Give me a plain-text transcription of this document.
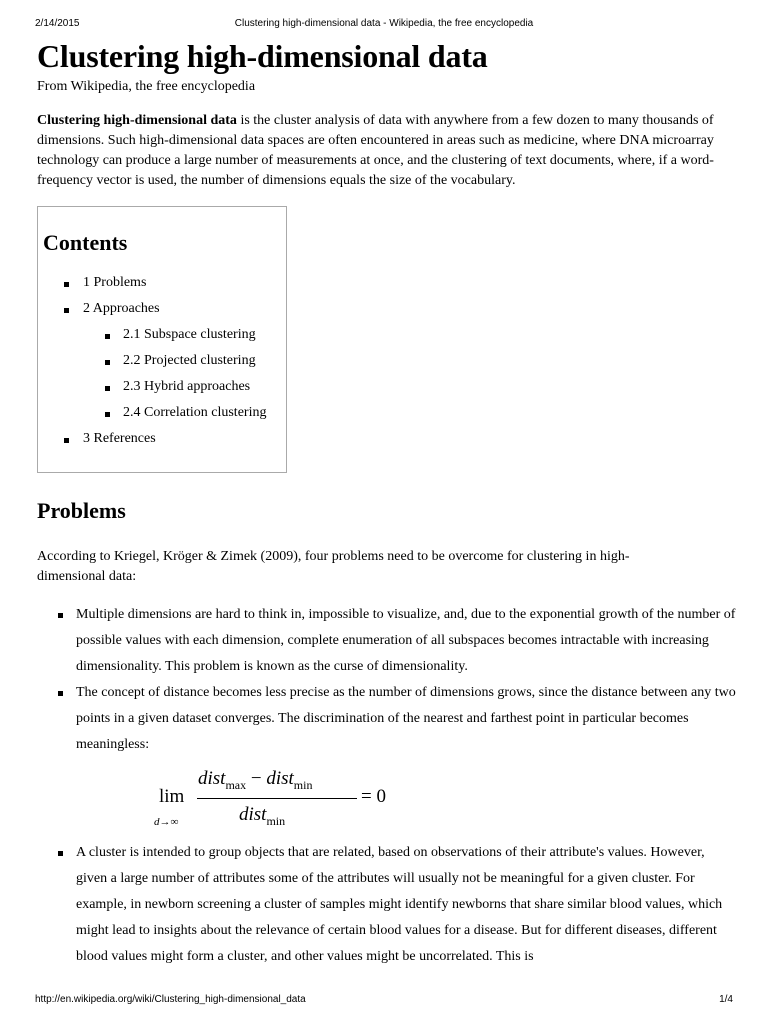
2/14/2015	Clustering high-dimensional data - Wikipedia, the free encyclopedia
Clustering high-dimensional data
From Wikipedia, the free encyclopedia

Clustering high-dimensional data is the cluster analysis of data with anywhere from a few dozen to many thousands of dimensions. Such high-dimensional data spaces are often encountered in areas such as medicine, where DNA microarray technology can produce a large number of measurements at once, and the clustering of text documents, where, if a word-frequency vector is used, the number of dimensions equals the size of the vocabulary.

Contents
1 Problems
2 Approaches
2.1 Subspace clustering
2.2 Projected clustering
2.3 Hybrid approaches
2.4 Correlation clustering
3 References
Problems

According to Kriegel, Kröger & Zimek (2009), four problems need to be overcome for clustering in high-dimensional data:

Multiple dimensions are hard to think in, impossible to visualize, and, due to the exponential growth of the number of possible values with each dimension, complete enumeration of all subspaces becomes intractable with increasing dimensionality. This problem is known as the curse of dimensionality.
The concept of distance becomes less precise as the number of dimensions grows, since the distance between any two points in a given dataset converges. The discrimination of the nearest and farthest point in particular becomes meaningless:
lim
d→∞
dist$_{max}$ − dist$_{min}$
dist$_{min}$
= 0
A cluster is intended to group objects that are related, based on observations of their attribute's values. However, given a large number of attributes some of the attributes will usually not be meaningful for a given cluster. For example, in newborn screening a cluster of samples might identify newborns that share similar blood values, which might lead to insights about the relevance of certain blood values for a disease. But for different diseases, different blood values might form a cluster, and other values might be uncorrelated. This is
http://en.wikipedia.org/wiki/Clustering_high-dimensional_data	1/4
